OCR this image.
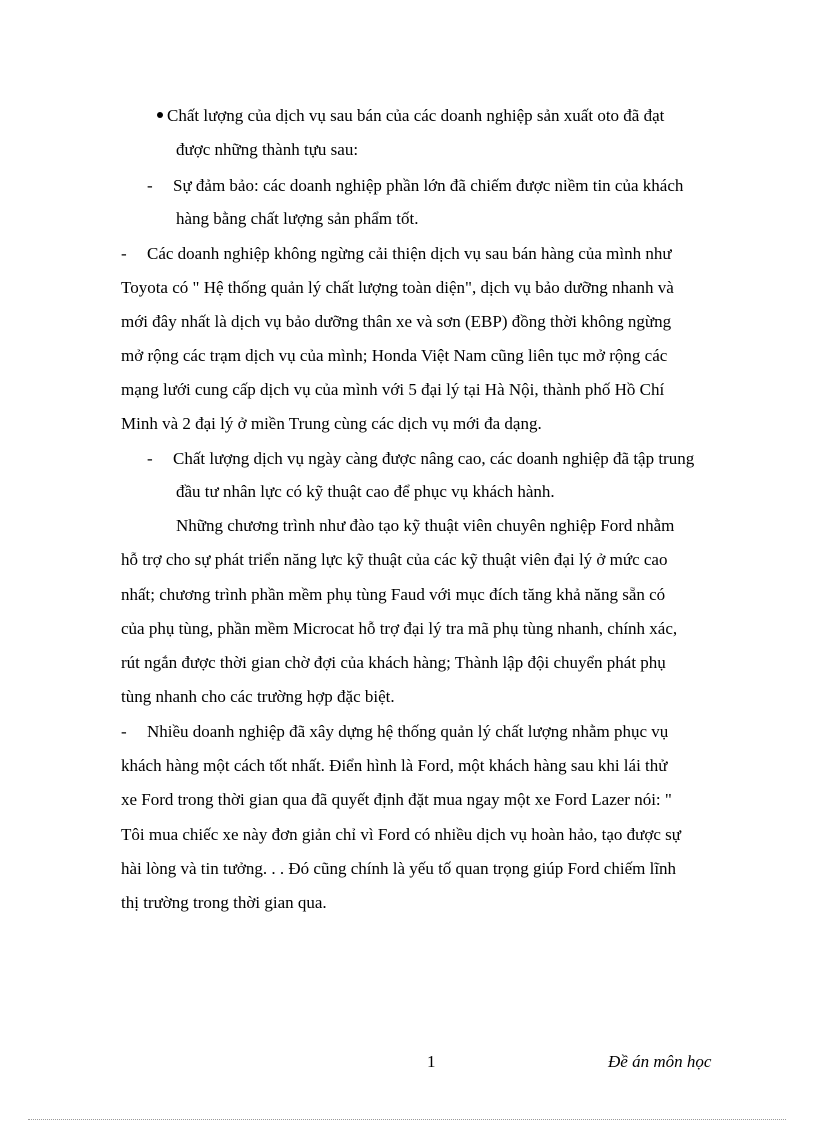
Chất lượng của dịch vụ sau bán của các doanh nghiệp sản xuất oto đã đạt
được những thành tựu sau:
- Sự đảm bảo: các doanh nghiệp phần lớn đã chiếm được niềm tin của khách
hàng bằng chất lượng sản phẩm tốt.
- Các doanh nghiệp không ngừng cải thiện dịch vụ sau bán hàng của mình như
Toyota có " Hệ thống quản lý chất lượng toàn diện", dịch vụ bảo dưỡng nhanh và
mới đây nhất là dịch vụ bảo dưỡng thân xe và sơn (EBP) đồng thời không ngừng
mở rộng các trạm dịch vụ của mình; Honda Việt Nam cũng liên tục mở rộng các
mạng lưới cung cấp dịch vụ của mình với 5 đại lý tại Hà Nội, thành phố Hồ Chí
Minh và 2 đại lý ở miền Trung cùng các dịch vụ mới đa dạng.
- Chất lượng dịch vụ ngày càng được nâng cao, các doanh nghiệp đã tập trung
đầu tư nhân lực có kỹ thuật cao để phục vụ khách hành.
Những chương trình như đào tạo kỹ thuật viên chuyên nghiệp Ford nhằm
hỗ trợ cho sự phát triển năng lực kỹ thuật của các kỹ thuật viên đại lý ở mức cao
nhất; chương trình phần mềm phụ tùng Faud với mục đích tăng khả năng sẵn có
của phụ tùng, phần mềm Microcat hỗ trợ đại lý tra mã phụ tùng nhanh, chính xác,
rút ngắn được thời gian chờ đợi của khách hàng; Thành lập đội chuyển phát phụ
tùng nhanh cho các trường hợp đặc biệt.
- Nhiều doanh nghiệp đã xây dựng hệ thống quản lý chất lượng nhằm phục vụ
khách hàng một cách tốt nhất. Điển hình là Ford, một khách hàng sau khi lái thử
xe Ford trong thời gian qua đã quyết định đặt mua ngay một xe Ford Lazer nói: "
Tôi mua chiếc xe này đơn giản chỉ vì Ford có nhiều dịch vụ hoàn hảo, tạo được sự
hài lòng và tin tưởng. . . Đó cũng chính là yếu tố quan trọng giúp Ford chiếm lĩnh
thị trường trong thời gian qua.
1	Đề án môn học
